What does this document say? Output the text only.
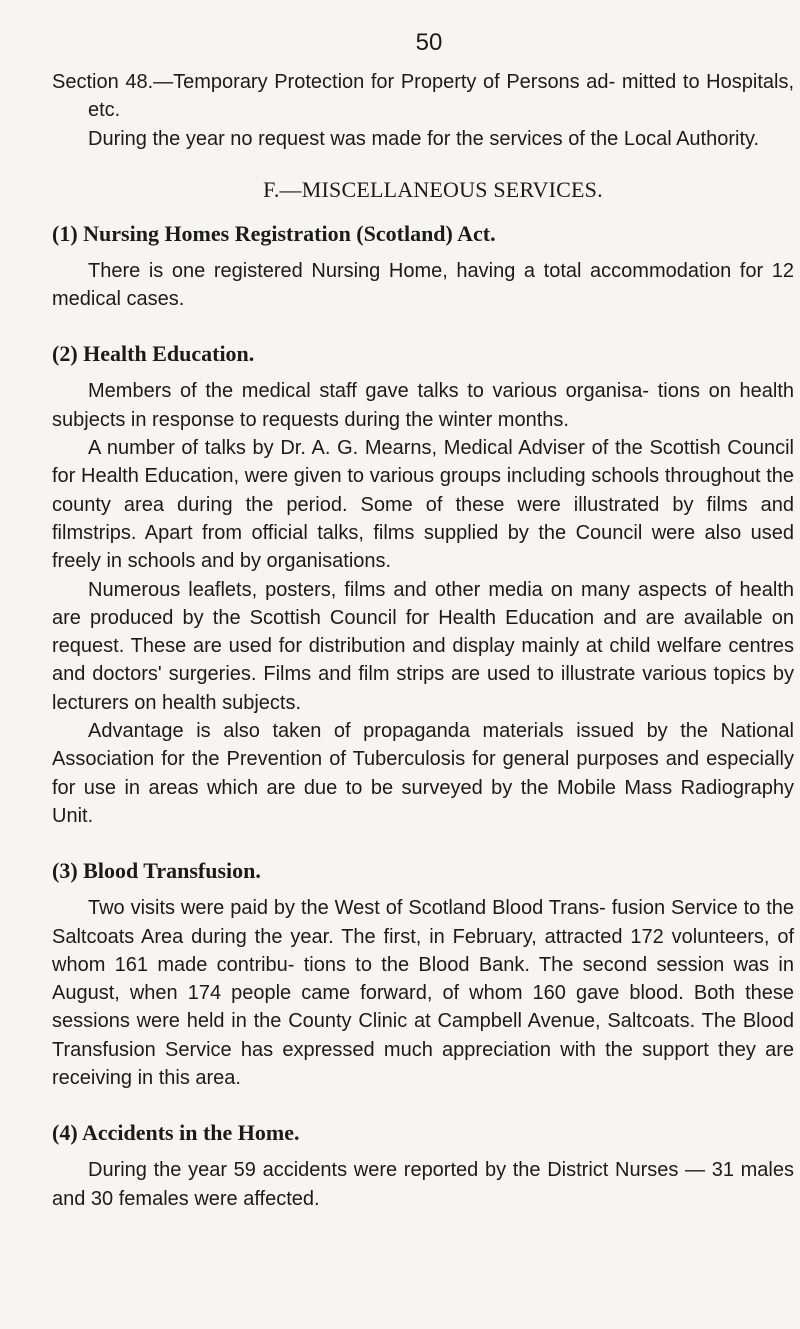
50

Section 48.—Temporary Protection for Property of Persons ad- mitted to Hospitals, etc.

During the year no request was made for the services of the Local Authority.

F.—MISCELLANEOUS SERVICES.
(1) Nursing Homes Registration (Scotland) Act.

There is one registered Nursing Home, having a total accommodation for 12 medical cases.

(2) Health Education.

Members of the medical staff gave talks to various organisa- tions on health subjects in response to requests during the winter months.

A number of talks by Dr. A. G. Mearns, Medical Adviser of the Scottish Council for Health Education, were given to various groups including schools throughout the county area during the period. Some of these were illustrated by films and filmstrips. Apart from official talks, films supplied by the Council were also used freely in schools and by organisations.

Numerous leaflets, posters, films and other media on many aspects of health are produced by the Scottish Council for Health Education and are available on request. These are used for distribution and display mainly at child welfare centres and doctors' surgeries. Films and film strips are used to illustrate various topics by lecturers on health subjects.

Advantage is also taken of propaganda materials issued by the National Association for the Prevention of Tuberculosis for general purposes and especially for use in areas which are due to be surveyed by the Mobile Mass Radiography Unit.

(3) Blood Transfusion.

Two visits were paid by the West of Scotland Blood Trans- fusion Service to the Saltcoats Area during the year. The first, in February, attracted 172 volunteers, of whom 161 made contribu- tions to the Blood Bank. The second session was in August, when 174 people came forward, of whom 160 gave blood. Both these sessions were held in the County Clinic at Campbell Avenue, Saltcoats. The Blood Transfusion Service has expressed much appreciation with the support they are receiving in this area.

(4) Accidents in the Home.

During the year 59 accidents were reported by the District Nurses — 31 males and 30 females were affected.
